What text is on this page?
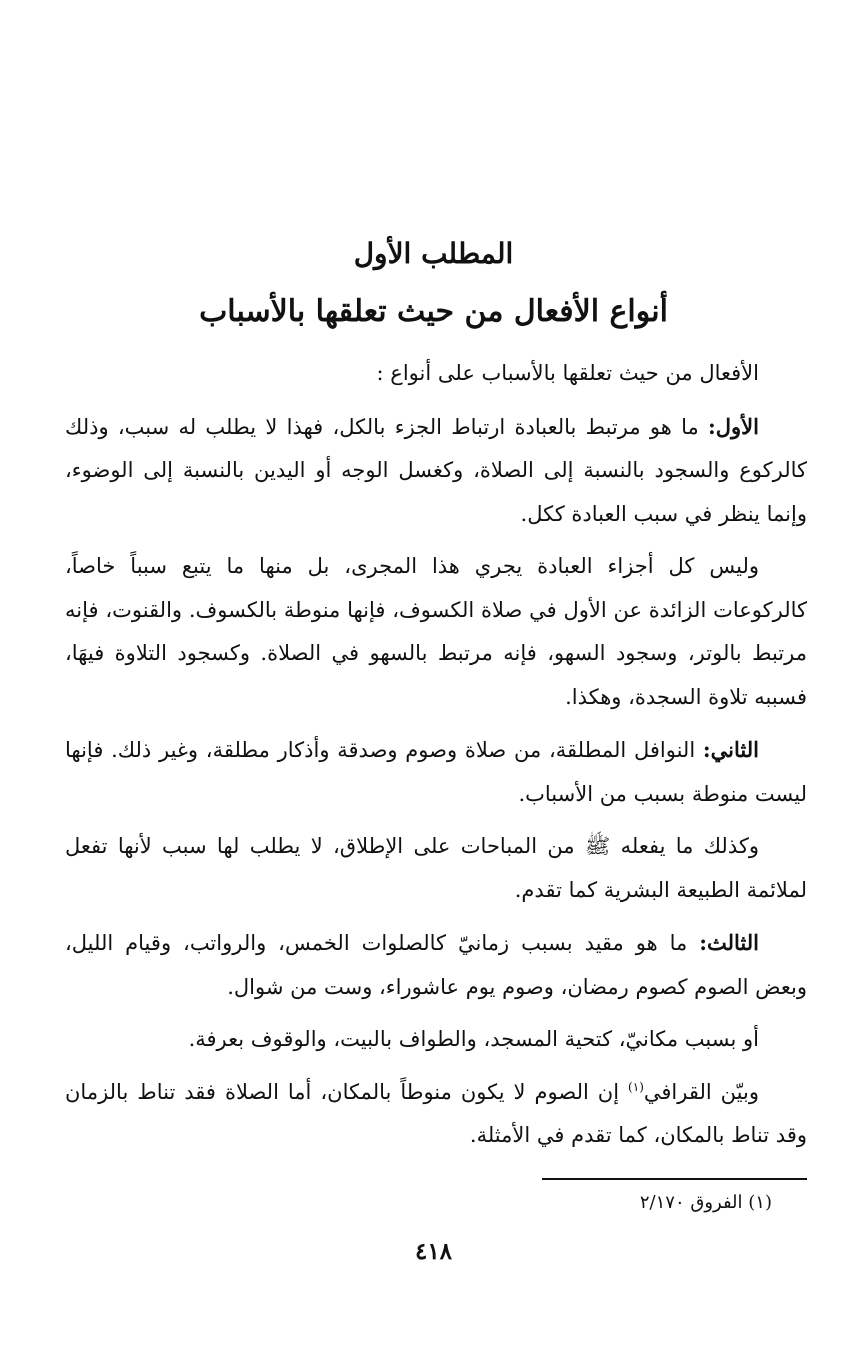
المطلب الأول
أنواع الأفعال من حيث تعلقها بالأسباب

الأفعال من حيث تعلقها بالأسباب على أنواع :

الأول: ما هو مرتبط بالعبادة ارتباط الجزء بالكل، فهذا لا يطلب له سبب، وذلك كالركوع والسجود بالنسبة إلى الصلاة، وكغسل الوجه أو اليدين بالنسبة إلى الوضوء، وإنما ينظر في سبب العبادة ككل.

وليس كل أجزاء العبادة يجري هذا المجرى، بل منها ما يتبع سبباً خاصاً، كالركوعات الزائدة عن الأول في صلاة الكسوف، فإنها منوطة بالكسوف. والقنوت، فإنه مرتبط بالوتر، وسجود السهو، فإنه مرتبط بالسهو في الصلاة. وكسجود التلاوة فيهَا، فسببه تلاوة السجدة، وهكذا.

الثاني: النوافل المطلقة، من صلاة وصوم وصدقة وأذكار مطلقة، وغير ذلك. فإنها ليست منوطة بسبب من الأسباب.

وكذلك ما يفعله ﷺ من المباحات على الإطلاق، لا يطلب لها سبب لأنها تفعل لملائمة الطبيعة البشرية كما تقدم.

الثالث: ما هو مقيد بسبب زمانيّ كالصلوات الخمس، والرواتب، وقيام الليل، وبعض الصوم كصوم رمضان، وصوم يوم عاشوراء، وست من شوال.

أو بسبب مكانيّ، كتحية المسجد، والطواف بالبيت، والوقوف بعرفة.

وبيّن القرافي$^{(١)}$ إن الصوم لا يكون منوطاً بالمكان، أما الصلاة فقد تناط بالزمان وقد تناط بالمكان، كما تقدم في الأمثلة.

(١) الفروق ٢/١٧٠
٤١٨
